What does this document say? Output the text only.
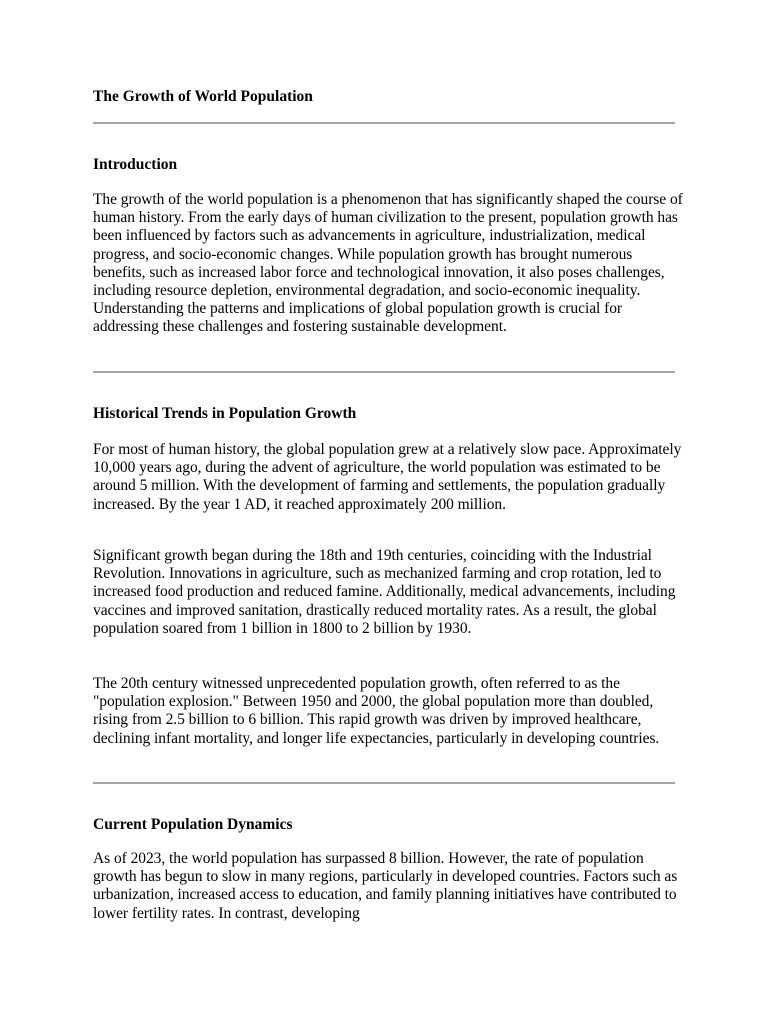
The Growth of World Population
Introduction

The growth of the world population is a phenomenon that has significantly shaped the course of human history. From the early days of human civilization to the present, population growth has been influenced by factors such as advancements in agriculture, industrialization, medical progress, and socio-economic changes. While population growth has brought numerous benefits, such as increased labor force and technological innovation, it also poses challenges, including resource depletion, environmental degradation, and socio-economic inequality. Understanding the patterns and implications of global population growth is crucial for addressing these challenges and fostering sustainable development.

Historical Trends in Population Growth

For most of human history, the global population grew at a relatively slow pace. Approximately 10,000 years ago, during the advent of agriculture, the world population was estimated to be around 5 million. With the development of farming and settlements, the population gradually increased. By the year 1 AD, it reached approximately 200 million.

Significant growth began during the 18th and 19th centuries, coinciding with the Industrial Revolution. Innovations in agriculture, such as mechanized farming and crop rotation, led to increased food production and reduced famine. Additionally, medical advancements, including vaccines and improved sanitation, drastically reduced mortality rates. As a result, the global population soared from 1 billion in 1800 to 2 billion by 1930.

The 20th century witnessed unprecedented population growth, often referred to as the "population explosion." Between 1950 and 2000, the global population more than doubled, rising from 2.5 billion to 6 billion. This rapid growth was driven by improved healthcare, declining infant mortality, and longer life expectancies, particularly in developing countries.

Current Population Dynamics

As of 2023, the world population has surpassed 8 billion. However, the rate of population growth has begun to slow in many regions, particularly in developed countries. Factors such as urbanization, increased access to education, and family planning initiatives have contributed to lower fertility rates. In contrast, developing
